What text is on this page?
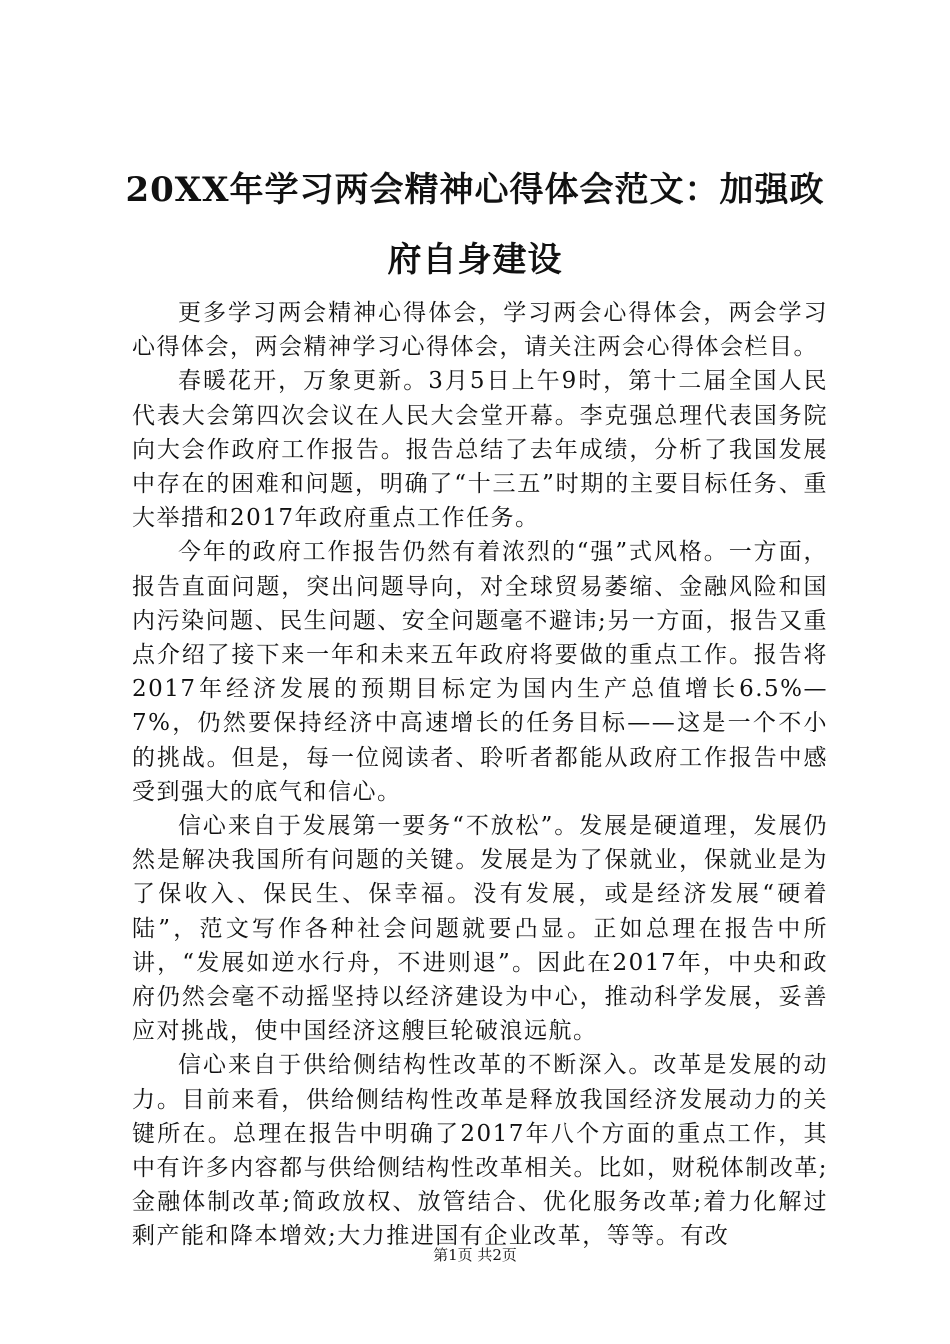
20XX年学习两会精神心得体会范文：加强政府自身建设

更多学习两会精神心得体会，学习两会心得体会，两会学习心得体会，两会精神学习心得体会，请关注两会心得体会栏目。

春暖花开，万象更新。3月5日上午9时，第十二届全国人民代表大会第四次会议在人民大会堂开幕。李克强总理代表国务院向大会作政府工作报告。报告总结了去年成绩，分析了我国发展中存在的困难和问题，明确了“十三五”时期的主要目标任务、重大举措和2017年政府重点工作任务。

今年的政府工作报告仍然有着浓烈的“强”式风格。一方面，报告直面问题，突出问题导向，对全球贸易萎缩、金融风险和国内污染问题、民生问题、安全问题毫不避讳;另一方面，报告又重点介绍了接下来一年和未来五年政府将要做的重点工作。报告将2017年经济发展的预期目标定为国内生产总值增长6.5%—7%，仍然要保持经济中高速增长的任务目标——这是一个不小的挑战。但是，每一位阅读者、聆听者都能从政府工作报告中感受到强大的底气和信心。

信心来自于发展第一要务“不放松”。发展是硬道理，发展仍然是解决我国所有问题的关键。发展是为了保就业，保就业是为了保收入、保民生、保幸福。没有发展，或是经济发展“硬着陆”，范文写作各种社会问题就要凸显。正如总理在报告中所讲，“发展如逆水行舟，不进则退”。因此在2017年，中央和政府仍然会毫不动摇坚持以经济建设为中心，推动科学发展，妥善应对挑战，使中国经济这艘巨轮破浪远航。

信心来自于供给侧结构性改革的不断深入。改革是发展的动力。目前来看，供给侧结构性改革是释放我国经济发展动力的关键所在。总理在报告中明确了2017年八个方面的重点工作，其中有许多内容都与供给侧结构性改革相关。比如，财税体制改革;金融体制改革;简政放权、放管结合、优化服务改革;着力化解过剩产能和降本增效;大力推进国有企业改革，等等。有改

第1页 共2页
